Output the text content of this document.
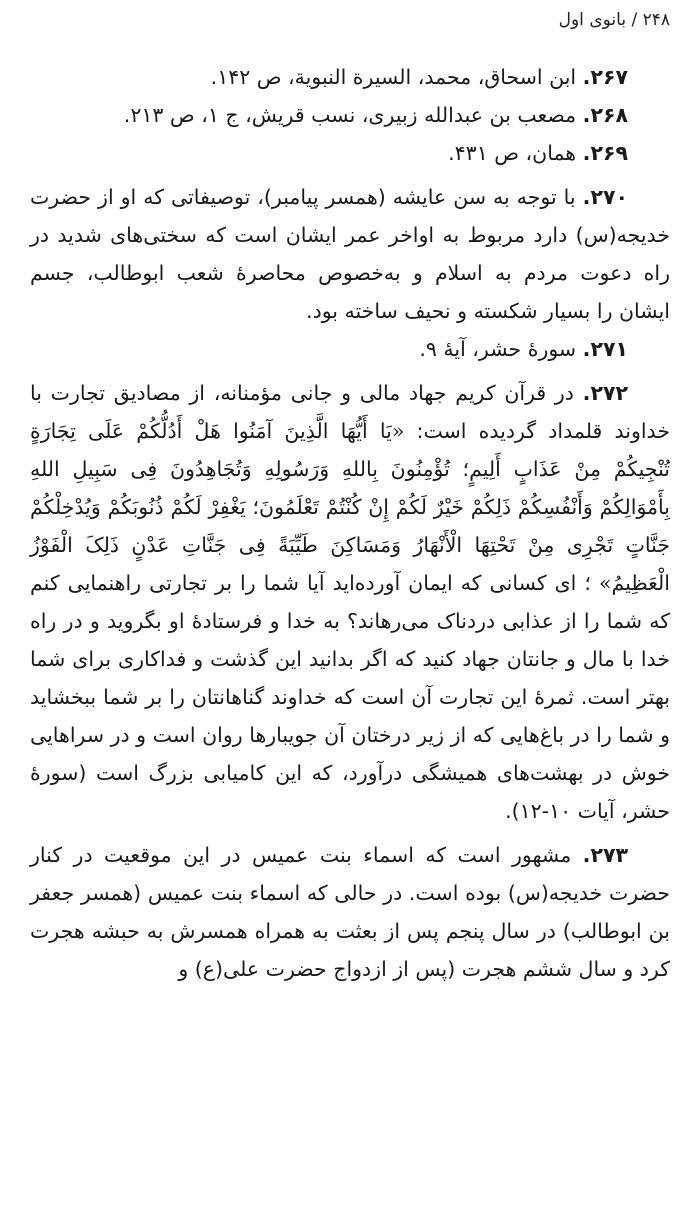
۲۴۸ / بانوی اول

۲۶۷. ابن اسحاق، محمد، السیرة النبویة، ص ۱۴۲.

۲۶۸. مصعب بن عبدالله زبیری، نسب قریش، ج ۱، ص ۲۱۳.

۲۶۹. همان، ص ۴۳۱.

۲۷۰. با توجه به سن عایشه (همسر پیامبر)، توصیفاتی که او از حضرت خدیجه(س) دارد مربوط به اواخر عمر ایشان است که سختی‌های شدید در راه دعوت مردم به اسلام و به‌خصوص محاصرهٔ شعب ابوطالب، جسم ایشان را بسیار شکسته و نحیف ساخته بود.

۲۷۱. سورهٔ حشر، آیهٔ ۹.

۲۷۲. در قرآن کریم جهاد مالی و جانی مؤمنانه، از مصادیق تجارت با خداوند قلمداد گردیده است: «یَا أَیُّهَا الَّذِینَ آمَنُوا هَلْ أَدُلُّکُمْ عَلَی تِجَارَةٍ تُنْجِیکُمْ مِنْ عَذَابٍ أَلِیمٍ؛ تُؤْمِنُونَ بِاللهِ وَرَسُولِهِ وَتُجَاهِدُونَ فِی سَبِیلِ اللهِ بِأَمْوَالِکُمْ وَأَنْفُسِکُمْ ذَلِکُمْ خَیْرٌ لَکُمْ إِنْ کُنْتُمْ تَعْلَمُونَ؛ یَغْفِرْ لَکُمْ ذُنُوبَکُمْ وَیُدْخِلْکُمْ جَنَّاتٍ تَجْرِی مِنْ تَحْتِهَا الْأَنْهَارُ وَمَسَاکِنَ طَیِّبَةً فِی جَنَّاتِ عَدْنٍ ذَلِکَ الْفَوْزُ الْعَظِیمُ» ؛ ای کسانی که ایمان آورده‌اید آیا شما را بر تجارتی راهنمایی کنم که شما را از عذابی دردناک می‌رهاند؟ به خدا و فرستادهٔ او بگروید و در راه خدا با مال و جانتان جهاد کنید که اگر بدانید این گذشت و فداکاری برای شما بهتر است. ثمرهٔ این تجارت آن است که خداوند گناهانتان را بر شما ببخشاید و شما را در باغ‌هایی که از زیر درختان آن جویبارها روان است و در سراهایی خوش در بهشت‌های همیشگی درآورد، که این کامیابی بزرگ است (سورهٔ حشر، آیات ۱۰-۱۲).

۲۷۳. مشهور است که اسماء بنت عمیس در این موقعیت در کنار حضرت خدیجه(س) بوده است. در حالی که اسماء بنت عمیس (همسر جعفر بن ابوطالب) در سال پنجم پس از بعثت به همراه همسرش به حبشه هجرت کرد و سال ششم هجرت (پس از ازدواج حضرت علی(ع) و
